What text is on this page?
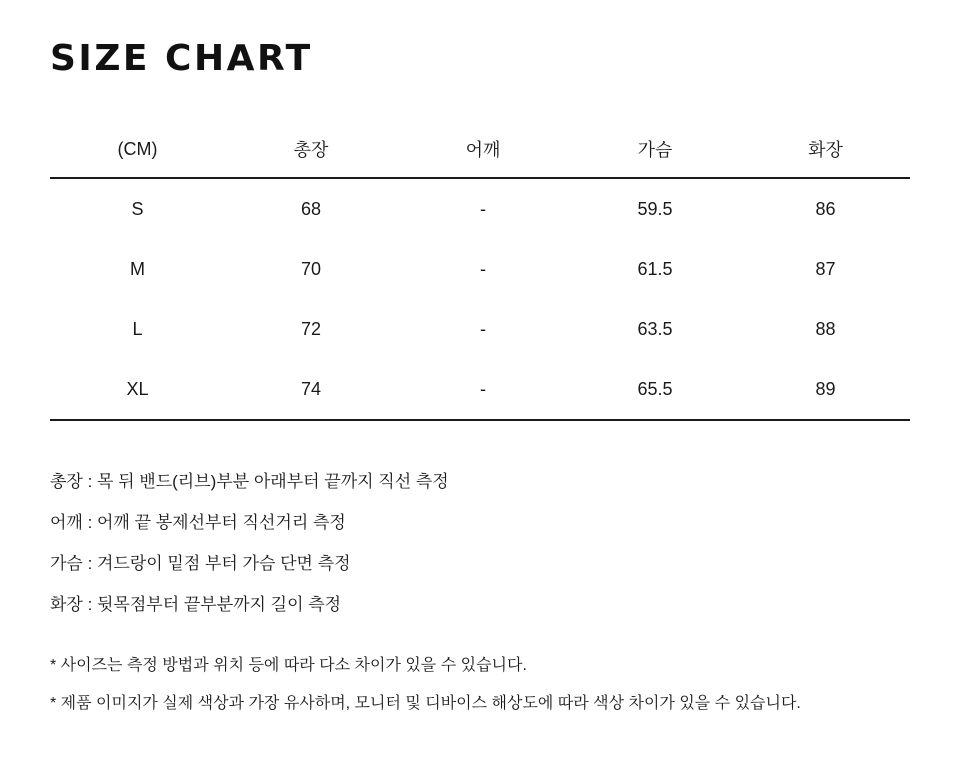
SIZE CHART
(CM)	총장	어깨	가슴	화장
S	68	-	59.5	86
M	70	-	61.5	87
L	72	-	63.5	88
XL	74	-	65.5	89
총장 : 목 뒤 밴드(리브)부분 아래부터 끝까지 직선 측정
어깨 : 어깨 끝 봉제선부터 직선거리 측정
가슴 : 겨드랑이 밑점 부터 가슴 단면 측정
화장 : 뒷목점부터 끝부분까지 길이 측정
* 사이즈는 측정 방법과 위치 등에 따라 다소 차이가 있을 수 있습니다.
* 제품 이미지가 실제 색상과 가장 유사하며, 모니터 및 디바이스 해상도에 따라 색상 차이가 있을 수 있습니다.
